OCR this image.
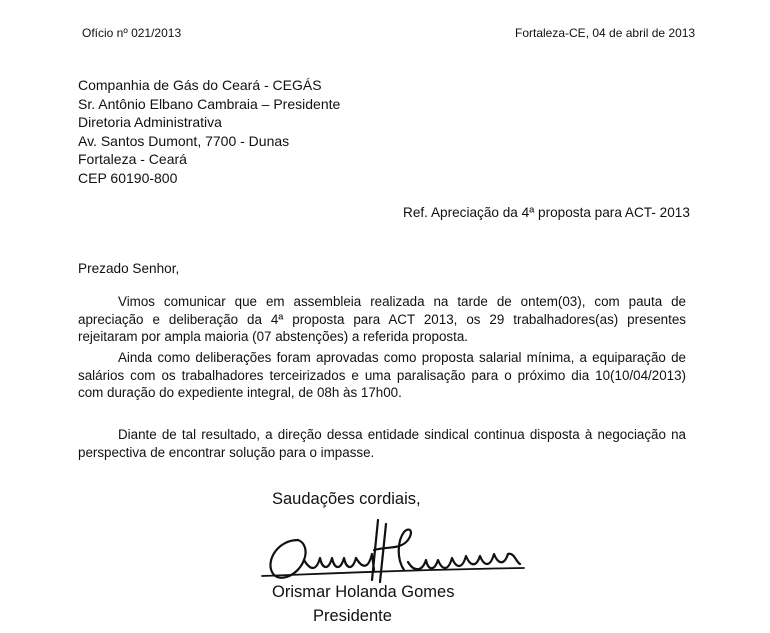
Ofício nº 021/2013	Fortaleza-CE, 04 de abril de 2013
Companhia de Gás do Ceará - CEGÁS
Sr. Antônio Elbano Cambraia – Presidente
Diretoria Administrativa
Av. Santos Dumont, 7700 - Dunas
Fortaleza - Ceará
CEP 60190-800
Ref. Apreciação da 4ª proposta para ACT- 2013
Prezado Senhor,

Vimos comunicar que em assembleia realizada na tarde de ontem(03), com pauta de apreciação e deliberação da 4ª proposta para ACT 2013, os 29 trabalhadores(as) presentes rejeitaram por ampla maioria (07 abstenções) a referida proposta.

Ainda como deliberações foram aprovadas como proposta salarial mínima, a equiparação de salários com os trabalhadores terceirizados e uma paralisação para o próximo dia 10(10/04/2013) com duração do expediente integral, de 08h às 17h00.

Diante de tal resultado, a direção dessa entidade sindical continua disposta à negociação na perspectiva de encontrar solução para o impasse.

Saudações cordiais,
Orismar Holanda Gomes
Presidente
